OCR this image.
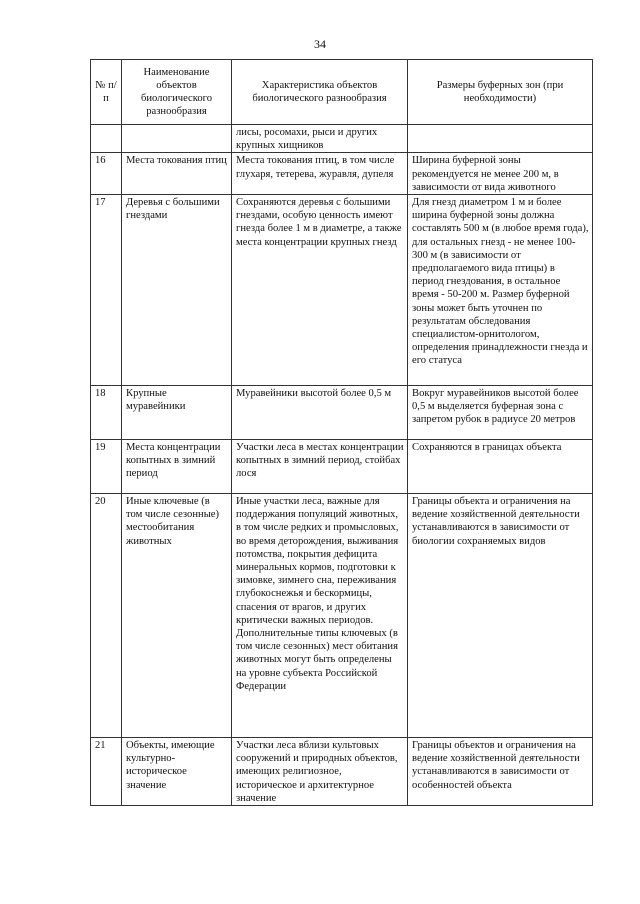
34
№ п/п	Наименование объектов биологического разнообразия	Характеристика объектов биологического разнообразия	Размеры буферных зон (при необходимости)
		лисы, росомахи, рыси и других крупных хищников	
16	Места токования птиц	Места токования птиц, в том числе глухаря, тетерева, журавля, дупеля	Ширина буферной зоны рекомендуется не менее 200 м, в зависимости от вида животного
17	Деревья с большими гнездами	Сохраняются деревья с большими гнездами, особую ценность имеют гнезда более 1 м в диаметре, а также места концентрации крупных гнезд	Для гнезд диаметром 1 м и более ширина буферной зоны должна составлять 500 м (в любое время года), для остальных гнезд - не менее 100-300 м (в зависимости от предполагаемого вида птицы) в период гнездования, в остальное время - 50-200 м. Размер буферной зоны может быть уточнен по результатам обследования специалистом-орнитологом, определения принадлежности гнезда и его статуса
18	Крупные муравейники	Муравейники высотой более 0,5 м	Вокруг муравейников высотой более 0,5 м выделяется буферная зона с запретом рубок в радиусе 20 метров
19	Места концентрации копытных в зимний период	Участки леса в местах концентрации копытных в зимний период, стойбах лося	Сохраняются в границах объекта
20	Иные ключевые (в том числе сезонные) местообитания животных	Иные участки леса, важные для поддержания популяций животных, в том числе редких и промысловых, во время деторождения, выживания потомства, покрытия дефицита минеральных кормов, подготовки к зимовке, зимнего сна, переживания глубокоснежья и бескормицы, спасения от врагов, и других критически важных периодов. Дополнительные типы ключевых (в том числе сезонных) мест обитания животных могут быть определены на уровне субъекта Российской Федерации	Границы объекта и ограничения на ведение хозяйственной деятельности устанавливаются в зависимости от биологии сохраняемых видов
21	Объекты, имеющие культурно-историческое значение	Участки леса вблизи культовых сооружений и природных объектов, имеющих религиозное, историческое и архитектурное значение	Границы объектов и ограничения на ведение хозяйственной деятельности устанавливаются в зависимости от особенностей объекта
